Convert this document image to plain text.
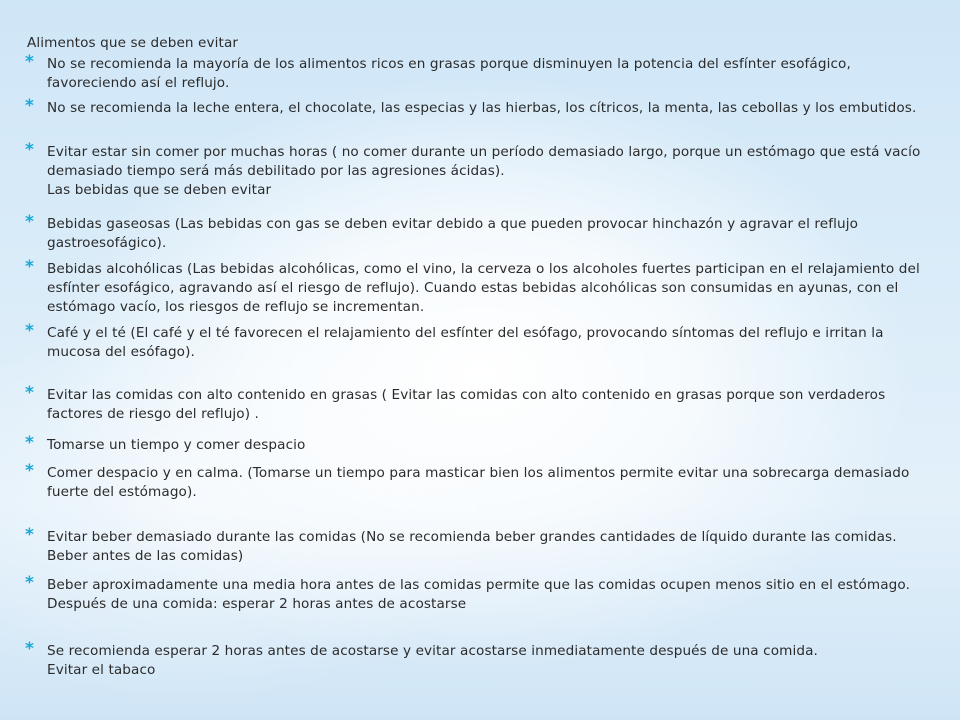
Alimentos que se deben evitar
* No se recomienda la mayoría de los alimentos ricos en grasas porque disminuyen la potencia del esfínter esofágico, favoreciendo así el reflujo.
* No se recomienda la leche entera, el chocolate, las especias y las hierbas, los cítricos, la menta, las cebollas y los embutidos.
* Evitar estar sin comer por muchas horas ( no comer durante un período demasiado largo, porque un estómago que está vacío demasiado tiempo será más debilitado por las agresiones ácidas).
Las bebidas que se deben evitar
* Bebidas gaseosas (Las bebidas con gas se deben evitar debido a que pueden provocar hinchazón y agravar el reflujo gastroesofágico).
* Bebidas alcohólicas (Las bebidas alcohólicas, como el vino, la cerveza o los alcoholes fuertes participan en el relajamiento del esfínter esofágico, agravando así el riesgo de reflujo). Cuando estas bebidas alcohólicas son consumidas en ayunas, con el estómago vacío, los riesgos de reflujo se incrementan.
* Café y el té (El café y el té favorecen el relajamiento del esfínter del esófago, provocando síntomas del reflujo e irritan la mucosa del esófago).
* Evitar las comidas con alto contenido en grasas ( Evitar las comidas con alto contenido en grasas porque son verdaderos factores de riesgo del reflujo) .
* Tomarse un tiempo y comer despacio
* Comer despacio y en calma. (Tomarse un tiempo para masticar bien los alimentos permite evitar una sobrecarga demasiado fuerte del estómago).
* Evitar beber demasiado durante las comidas (No se recomienda beber grandes cantidades de líquido durante las comidas.
Beber antes de las comidas)
* Beber aproximadamente una media hora antes de las comidas permite que las comidas ocupen menos sitio en el estómago.
Después de una comida: esperar 2 horas antes de acostarse
* Se recomienda esperar 2 horas antes de acostarse y evitar acostarse inmediatamente después de una comida.
Evitar el tabaco
